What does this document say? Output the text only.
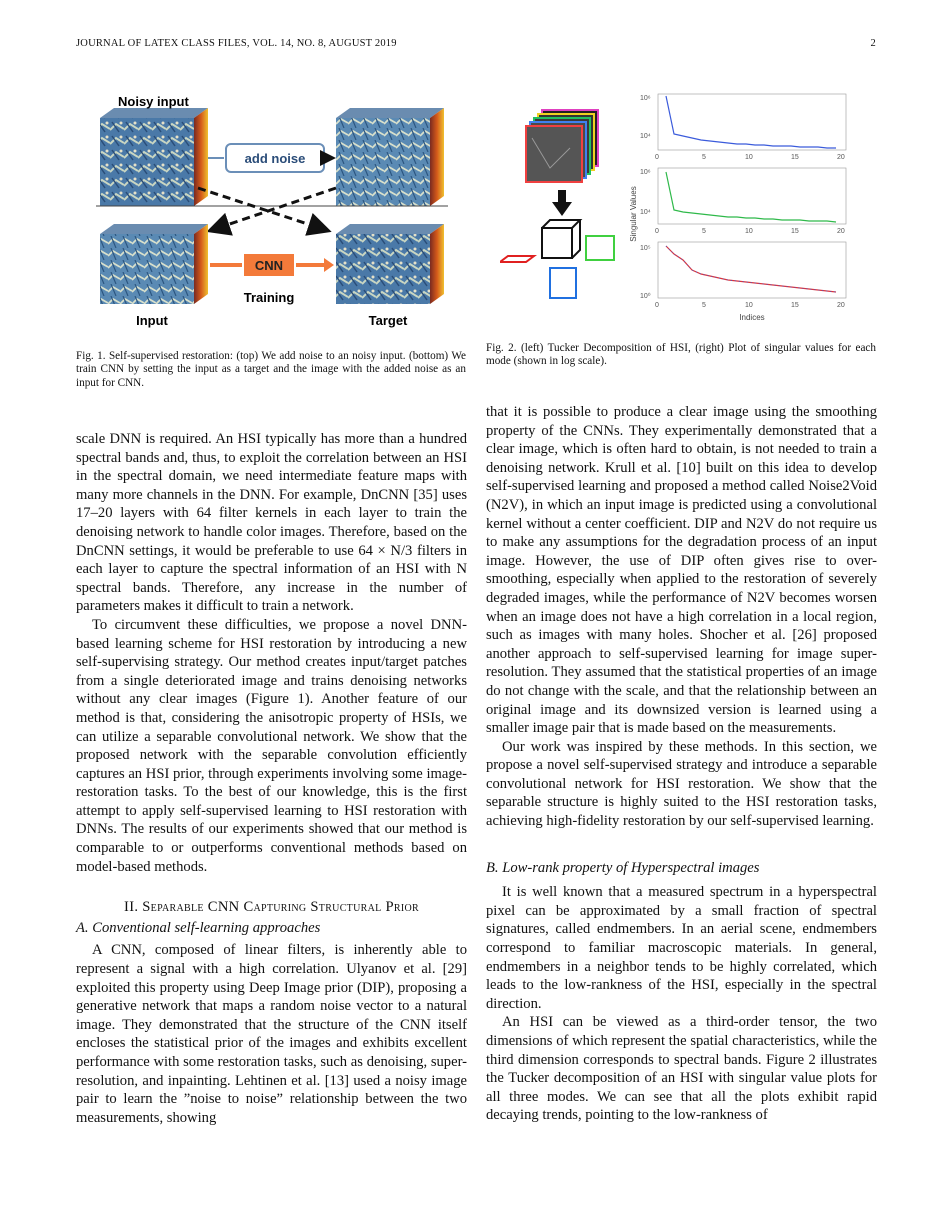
JOURNAL OF LATEX CLASS FILES, VOL. 14, NO. 8, AUGUST 2019	2
Noisy input
add noise
CNN
Training
Input	Target
Fig. 1. Self-supervised restoration: (top) We add noise to an noisy input. (bottom) We train CNN by setting the input as a target and the image with the added noise as an input for CNN.
Singular Values
10⁶
10⁴
0	5	10	15	20
10⁶
10⁴
0	5	10	15	20
10⁵
10⁰
0	5	10	15	20
Indices
Fig. 2. (left) Tucker Decomposition of HSI, (right) Plot of singular values for each mode (shown in log scale).

scale DNN is required. An HSI typically has more than a hundred spectral bands and, thus, to exploit the correlation between an HSI in the spectral domain, we need intermediate feature maps with many more channels in the DNN. For example, DnCNN [35] uses 17–20 layers with 64 filter kernels in each layer to train the denoising network to handle color images. Therefore, based on the DnCNN settings, it would be preferable to use 64 × N/3 filters in each layer to capture the spectral information of an HSI with N spectral bands. Therefore, any increase in the number of parameters makes it difficult to train a network.

To circumvent these difficulties, we propose a novel DNN-based learning scheme for HSI restoration by introducing a new self-supervising strategy. Our method creates input/target patches from a single deteriorated image and trains denoising networks without any clear images (Figure 1). Another feature of our method is that, considering the anisotropic property of HSIs, we can utilize a separable convolutional network. We show that the proposed network with the separable convolution efficiently captures an HSI prior, through experiments involving some image-restoration tasks. To the best of our knowledge, this is the first attempt to apply self-supervised learning to HSI restoration with DNNs. The results of our experiments showed that our method is comparable to or outperforms conventional methods based on model-based methods.

II. Separable CNN Capturing Structural Prior
A. Conventional self-learning approaches

A CNN, composed of linear filters, is inherently able to represent a signal with a high correlation. Ulyanov et al. [29] exploited this property using Deep Image prior (DIP), proposing a generative network that maps a random noise vector to a natural image. They demonstrated that the structure of the CNN itself encloses the statistical prior of the images and exhibits excellent performance with some restoration tasks, such as denoising, super-resolution, and inpainting. Lehtinen et al. [13] used a noisy image pair to learn the ”noise to noise” relationship between the two measurements, showing

that it is possible to produce a clear image using the smoothing property of the CNNs. They experimentally demonstrated that a clear image, which is often hard to obtain, is not needed to train a denoising network. Krull et al. [10] built on this idea to develop self-supervised learning and proposed a method called Noise2Void (N2V), in which an input image is predicted using a convolutional kernel without a center coefficient. DIP and N2V do not require us to make any assumptions for the degradation process of an input image. However, the use of DIP often gives rise to over-smoothing, especially when applied to the restoration of severely degraded images, while the performance of N2V becomes worsen when an image does not have a high correlation in a local region, such as images with many holes. Shocher et al. [26] proposed another approach to self-supervised learning for image super-resolution. They assumed that the statistical properties of an image do not change with the scale, and that the relationship between an original image and its downsized version is learned using a smaller image pair that is made based on the measurements.

Our work was inspired by these methods. In this section, we propose a novel self-supervised strategy and introduce a separable convolutional network for HSI restoration. We show that the separable structure is highly suited to the HSI restoration tasks, achieving high-fidelity restoration by our self-supervised learning.

B. Low-rank property of Hyperspectral images

It is well known that a measured spectrum in a hyperspectral pixel can be approximated by a small fraction of spectral signatures, called endmembers. In an aerial scene, endmembers correspond to familiar macroscopic materials. In general, endmembers in a neighbor tends to be highly correlated, which leads to the low-rankness of the HSI, especially in the spectral direction.

An HSI can be viewed as a third-order tensor, the two dimensions of which represent the spatial characteristics, while the third dimension corresponds to spectral bands. Figure 2 illustrates the Tucker decomposition of an HSI with singular value plots for all three modes. We can see that all the plots exhibit rapid decaying trends, pointing to the low-rankness of
